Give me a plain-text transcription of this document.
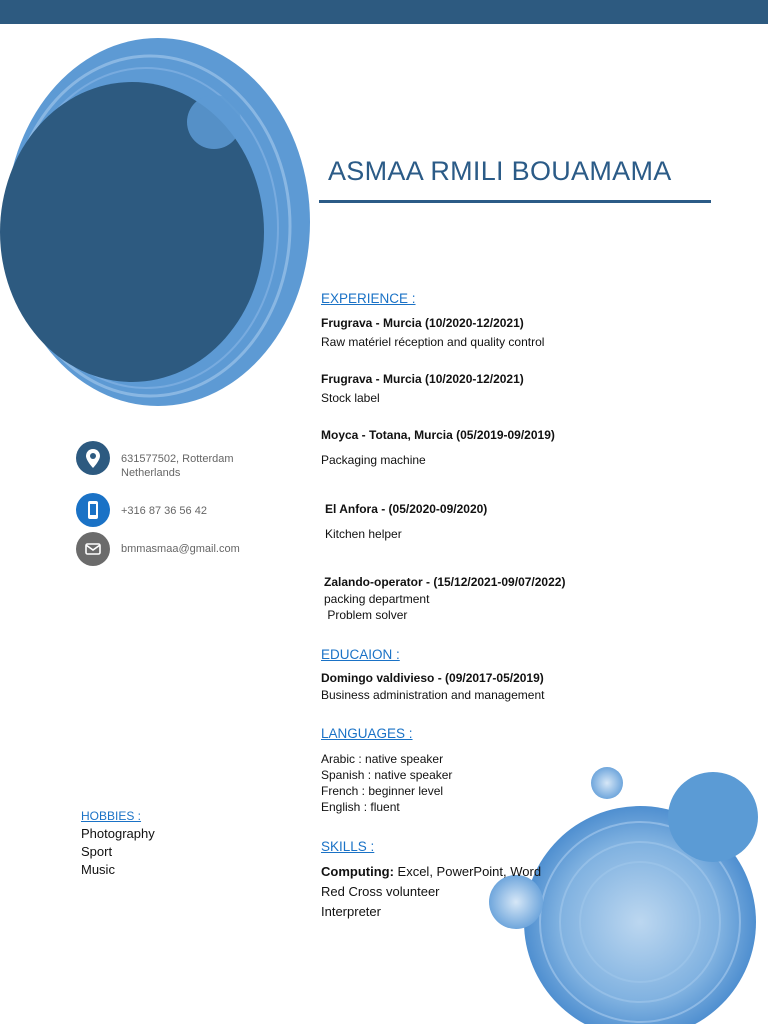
ASMAA RMILI BOUAMAMA
631577502, Rotterdam
Netherlands
+316 87 36 56 42
bmmasmaa@gmail.com
HOBBIES :
Photography
Sport
Music
EXPERIENCE :
Frugrava - Murcia (10/2020-12/2021)
Raw matériel réception and quality control
Frugrava - Murcia (10/2020-12/2021)
Stock label
Moyca - Totana, Murcia (05/2019-09/2019)
Packaging machine
El Anfora - (05/2020-09/2020)
Kitchen helper
Zalando-operator - (15/12/2021-09/07/2022)
packing department
Problem solver
EDUCAION :
Domingo valdivieso - (09/2017-05/2019)
Business administration and management
LANGUAGES :
Arabic : native speaker
Spanish : native speaker
French : beginner level
English : fluent
SKILLS :
Computing: Excel, PowerPoint, Word
Red Cross volunteer
Interpreter
